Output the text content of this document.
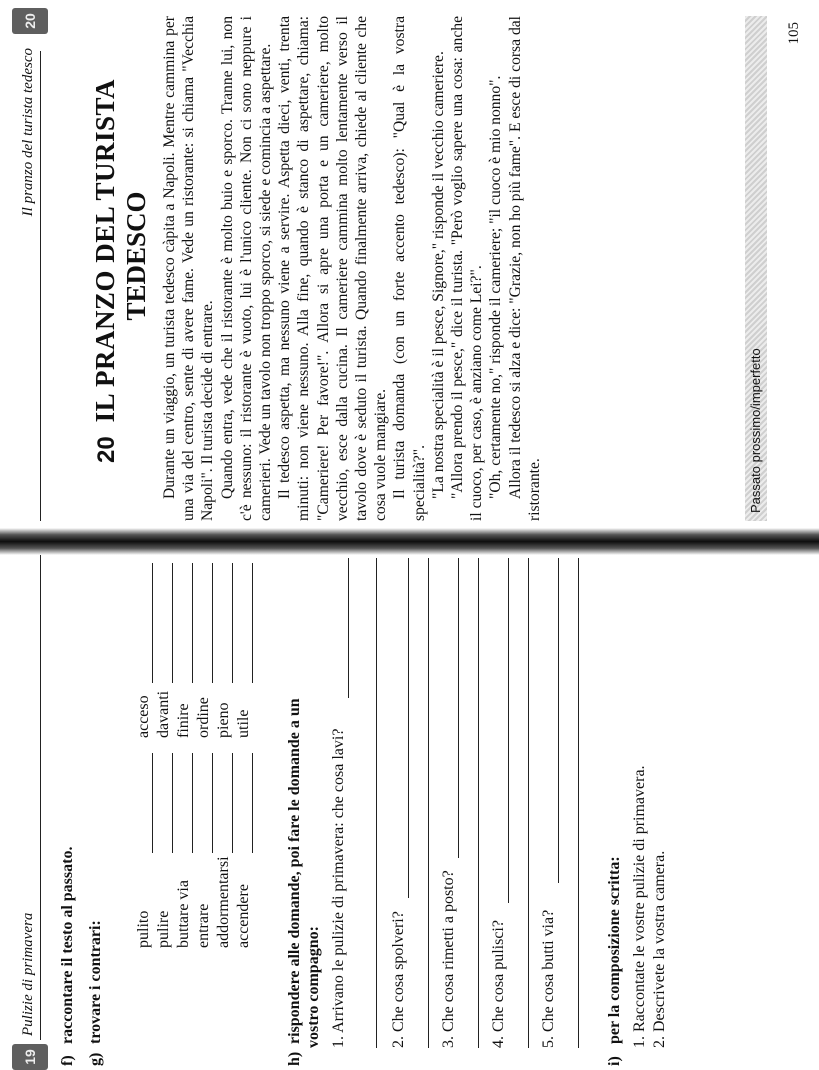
19
Pulizie di primavera
f) raccontare il testo al passato.
g) trovare i contrari: pulitoacceso
puliredavanti
buttare viafinire
entrareordine
addormentarsipieno
accendereutile
h) rispondere alle domande, poi fare le domande a un vostro compagno: 1. Arrivano le pulizie di primavera: che cosa lavi?	2. Che cosa spolveri? 3. Che cosa rimetti a posto? 4. Che cosa pulisci? 5. Che cosa butti via?
i) per la composizione scritta: 1. Raccontate le vostre pulizie di primavera. 2. Descrivete la vostra camera.
Il pranzo del turista tedesco
20
20
IL PRANZO DEL TURISTA TEDESCO Durante un viaggio, un turista tedesco càpita a Napoli. Mentre cammina per una via del centro, sente di avere fame. Vede un ristorante: si chiama "Vecchia Napoli". Il turista decide di entrare. Quando entra, vede che il ristorante è molto buio e sporco. Tranne lui, non c'è nessuno: il ristorante è vuoto, lui è l'unico cliente. Non ci sono neppure i camerieri. Vede un tavolo non troppo sporco, si siede e comincia a aspettare. Il tedesco aspetta, ma nessuno viene a servire. Aspetta dieci, venti, trenta minuti: non viene nessuno. Alla fine, quando è stanco di aspettare, chiama: "Cameriere! Per favore!". Allora si apre una porta e un cameriere, molto vecchio, esce dalla cucina. Il cameriere cammina molto lentamente verso il tavolo dove è seduto il turista. Quando finalmente arriva, chiede al cliente che cosa vuole mangiare. Il turista domanda (con un forte accento tedesco): "Qual è la vostra specialità?". "La nostra specialità è il pesce, Signore," risponde il vecchio cameriere. "Allora prendo il pesce," dice il turista. "Però voglio sapere una cosa: anche il cuoco, per caso, è anziano come Lei?". "Oh, certamente no," risponde il cameriere; "il cuoco è mio nonno". Allora il tedesco si alza e dice: "Grazie, non ho più fame". E esce di corsa dal ristorante.	Passato prossimo/imperfetto
105
